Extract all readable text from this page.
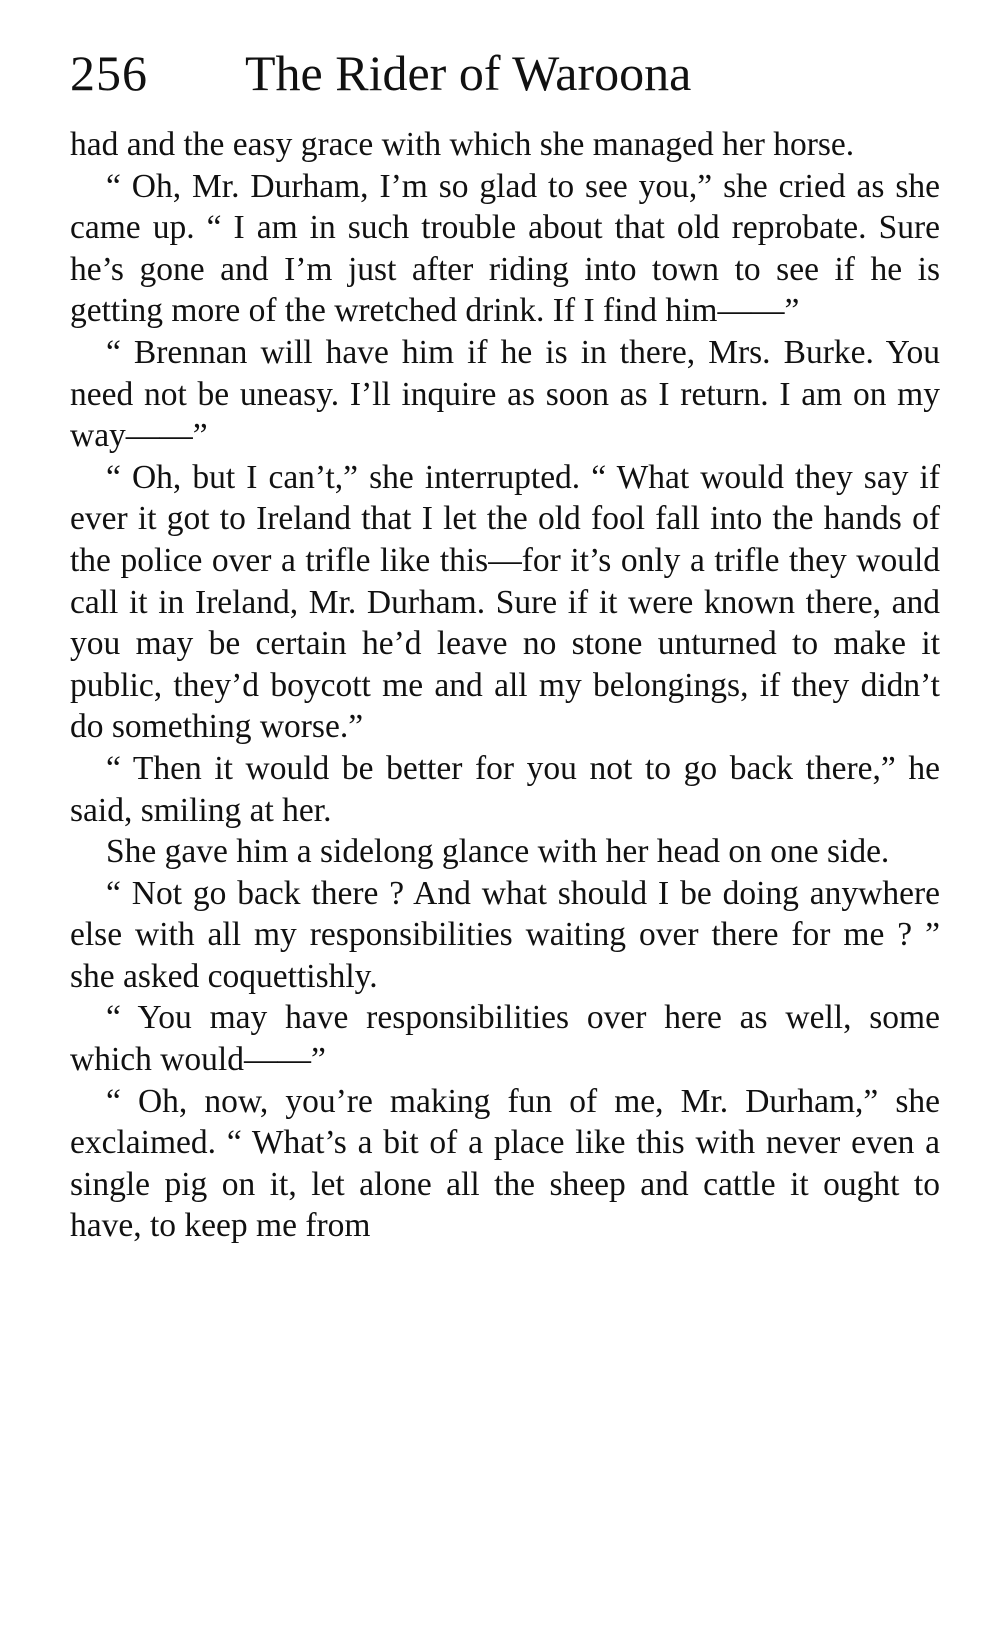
256	The Rider of Waroona

had and the easy grace with which she managed her horse.

“ Oh, Mr. Durham, I’m so glad to see you,” she cried as she came up. “ I am in such trouble about that old reprobate. Sure he’s gone and I’m just after riding into town to see if he is getting more of the wretched drink. If I find him——”

“ Brennan will have him if he is in there, Mrs. Burke. You need not be uneasy. I’ll inquire as soon as I return. I am on my way——”

“ Oh, but I can’t,” she interrupted. “ What would they say if ever it got to Ireland that I let the old fool fall into the hands of the police over a trifle like this—for it’s only a trifle they would call it in Ireland, Mr. Durham. Sure if it were known there, and you may be certain he’d leave no stone unturned to make it public, they’d boycott me and all my belongings, if they didn’t do something worse.”

“ Then it would be better for you not to go back there,” he said, smiling at her.

She gave him a sidelong glance with her head on one side.

“ Not go back there ? And what should I be doing anywhere else with all my responsibilities waiting over there for me ? ” she asked coquettishly.

“ You may have responsibilities over here as well, some which would——”

“ Oh, now, you’re making fun of me, Mr. Durham,” she exclaimed. “ What’s a bit of a place like this with never even a single pig on it, let alone all the sheep and cattle it ought to have, to keep me from
